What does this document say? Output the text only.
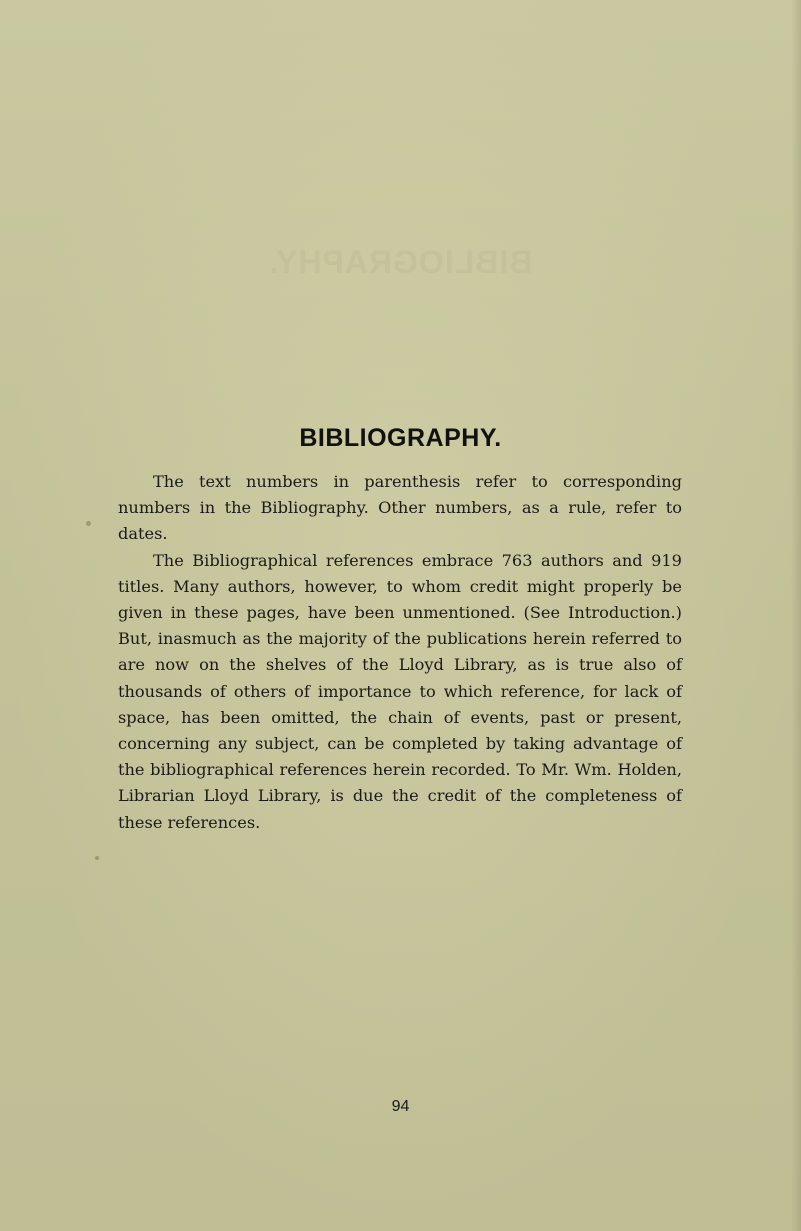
BIBLIOGRAPHY.
BIBLIOGRAPHY.

The text numbers in parenthesis refer to corresponding numbers in the Bibliography. Other numbers, as a rule, refer to dates.

The Bibliographical references embrace 763 authors and 919 titles. Many authors, however, to whom credit might properly be given in these pages, have been unmentioned. (See Introduction.) But, inasmuch as the majority of the publications herein referred to are now on the shelves of the Lloyd Library, as is true also of thousands of others of importance to which reference, for lack of space, has been omitted, the chain of events, past or present, concerning any subject, can be completed by taking advantage of the bibliographical references herein recorded. To Mr. Wm. Holden, Librarian Lloyd Library, is due the credit of the completeness of these references.

94
